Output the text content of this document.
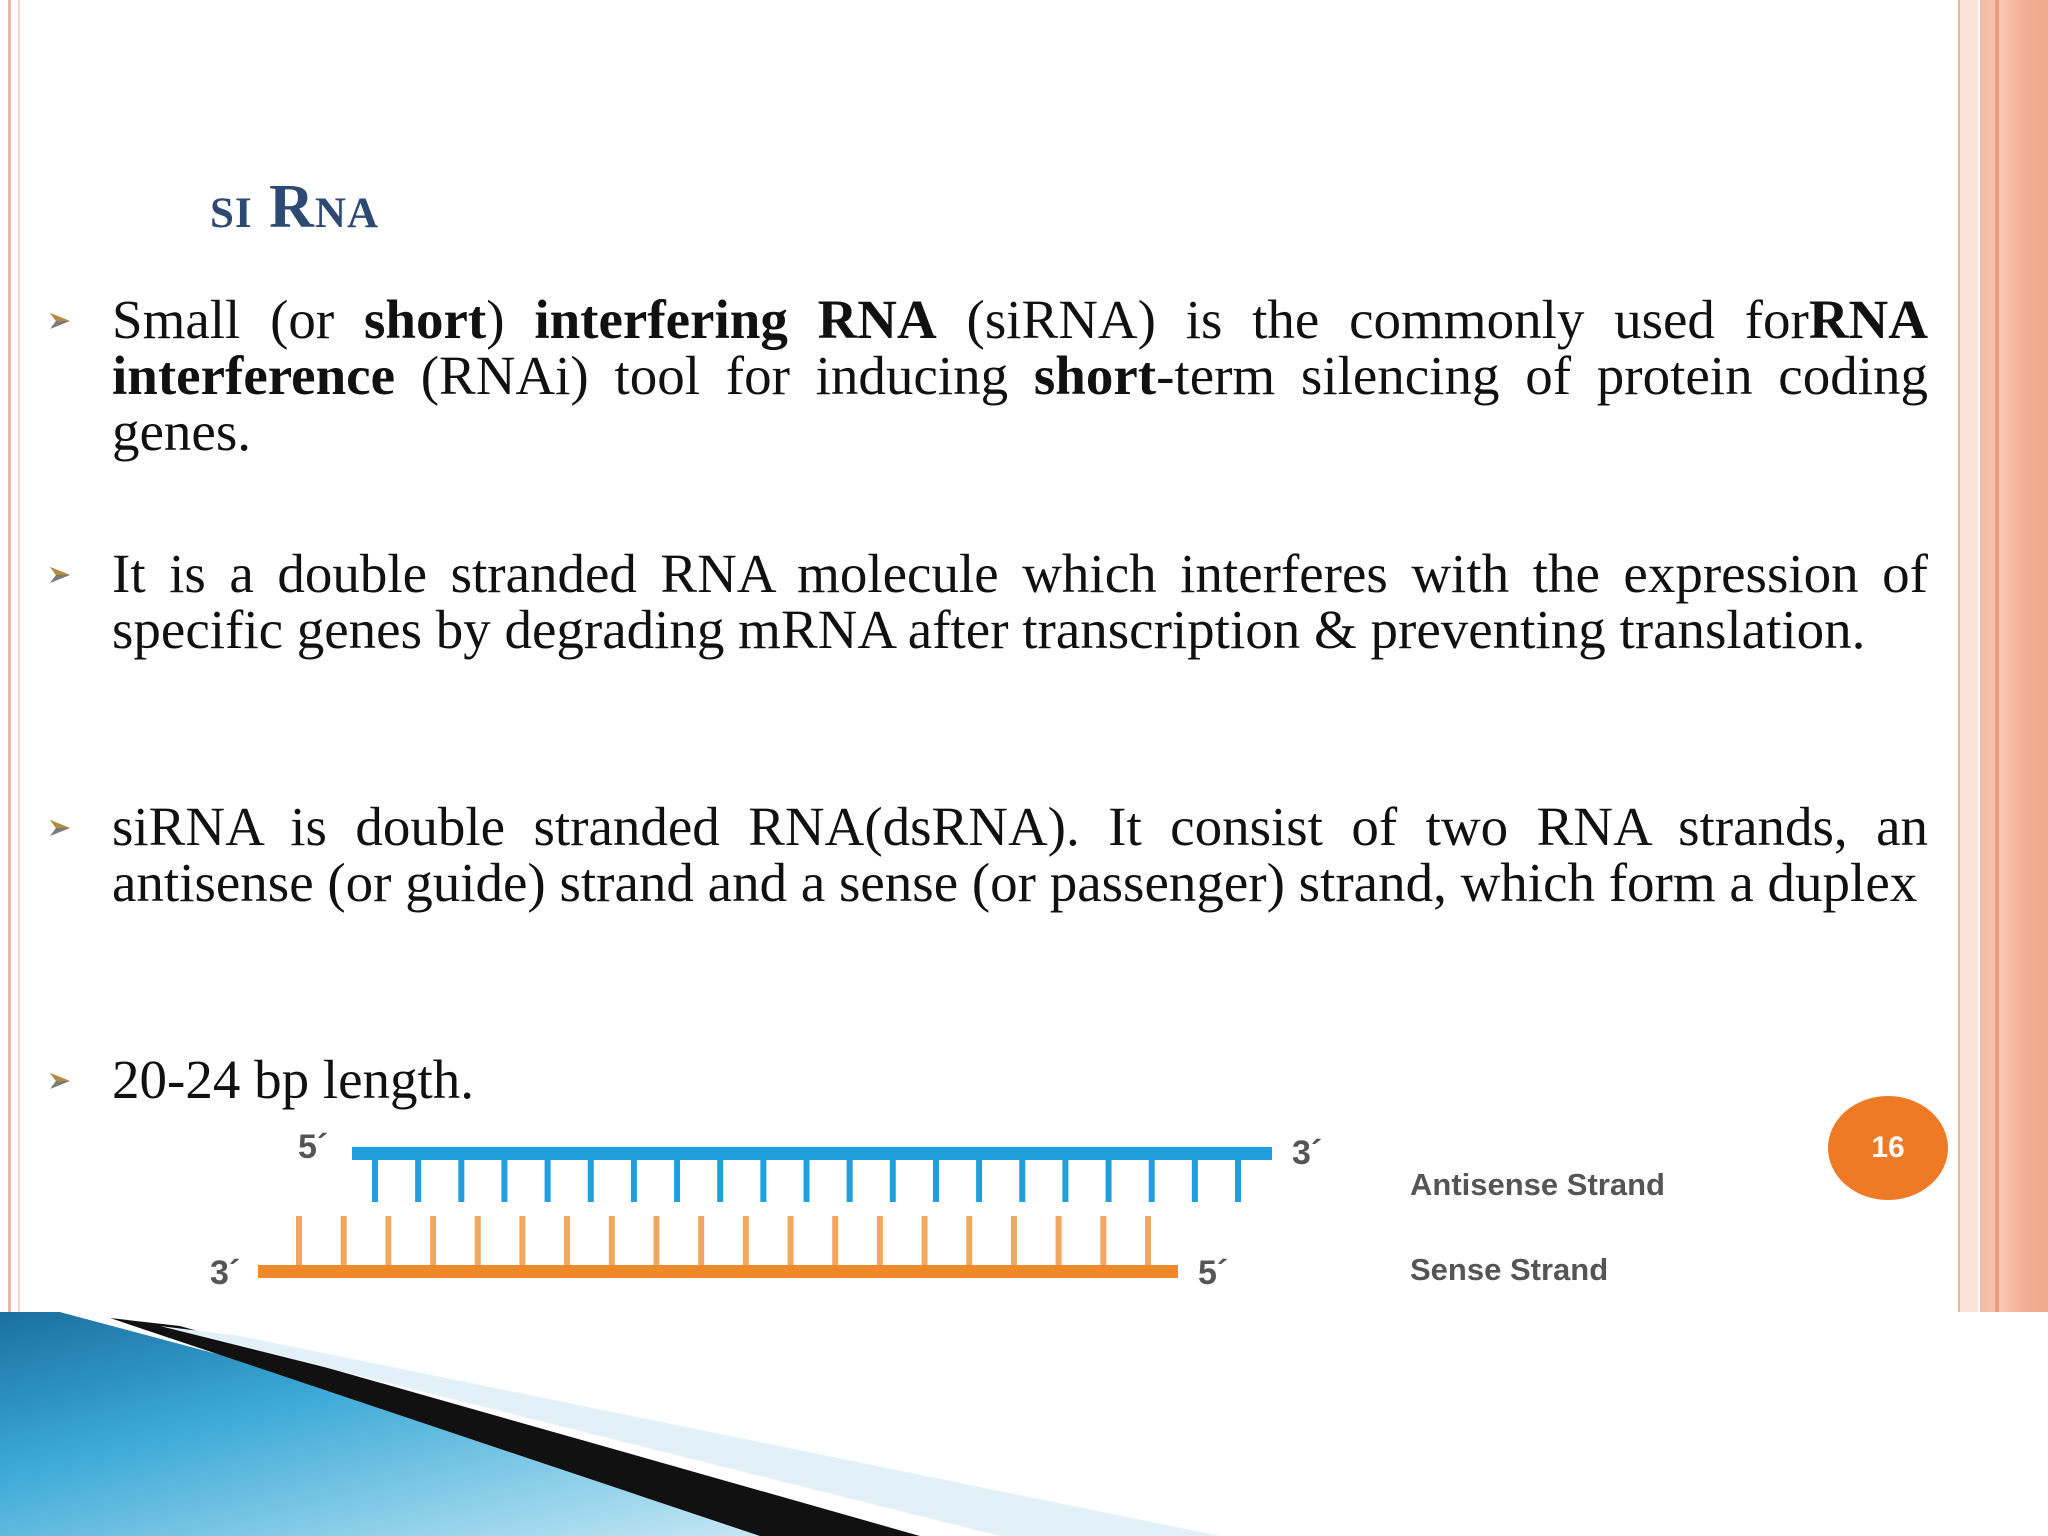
si Rna
Small (or short) interfering RNA (siRNA) is the commonly used forRNA interference (RNAi) tool for inducing short-term silencing of protein coding genes.
It is a double stranded RNA molecule which interferes with the expression of specific genes by degrading mRNA after transcription & preventing translation.
siRNA is double stranded RNA(dsRNA). It consist of two RNA strands, an antisense (or guide) strand and a sense (or passenger) strand, which form a duplex
20-24 bp length.
16
5´	3´
3´	5´
Antisense Strand
Sense Strand
